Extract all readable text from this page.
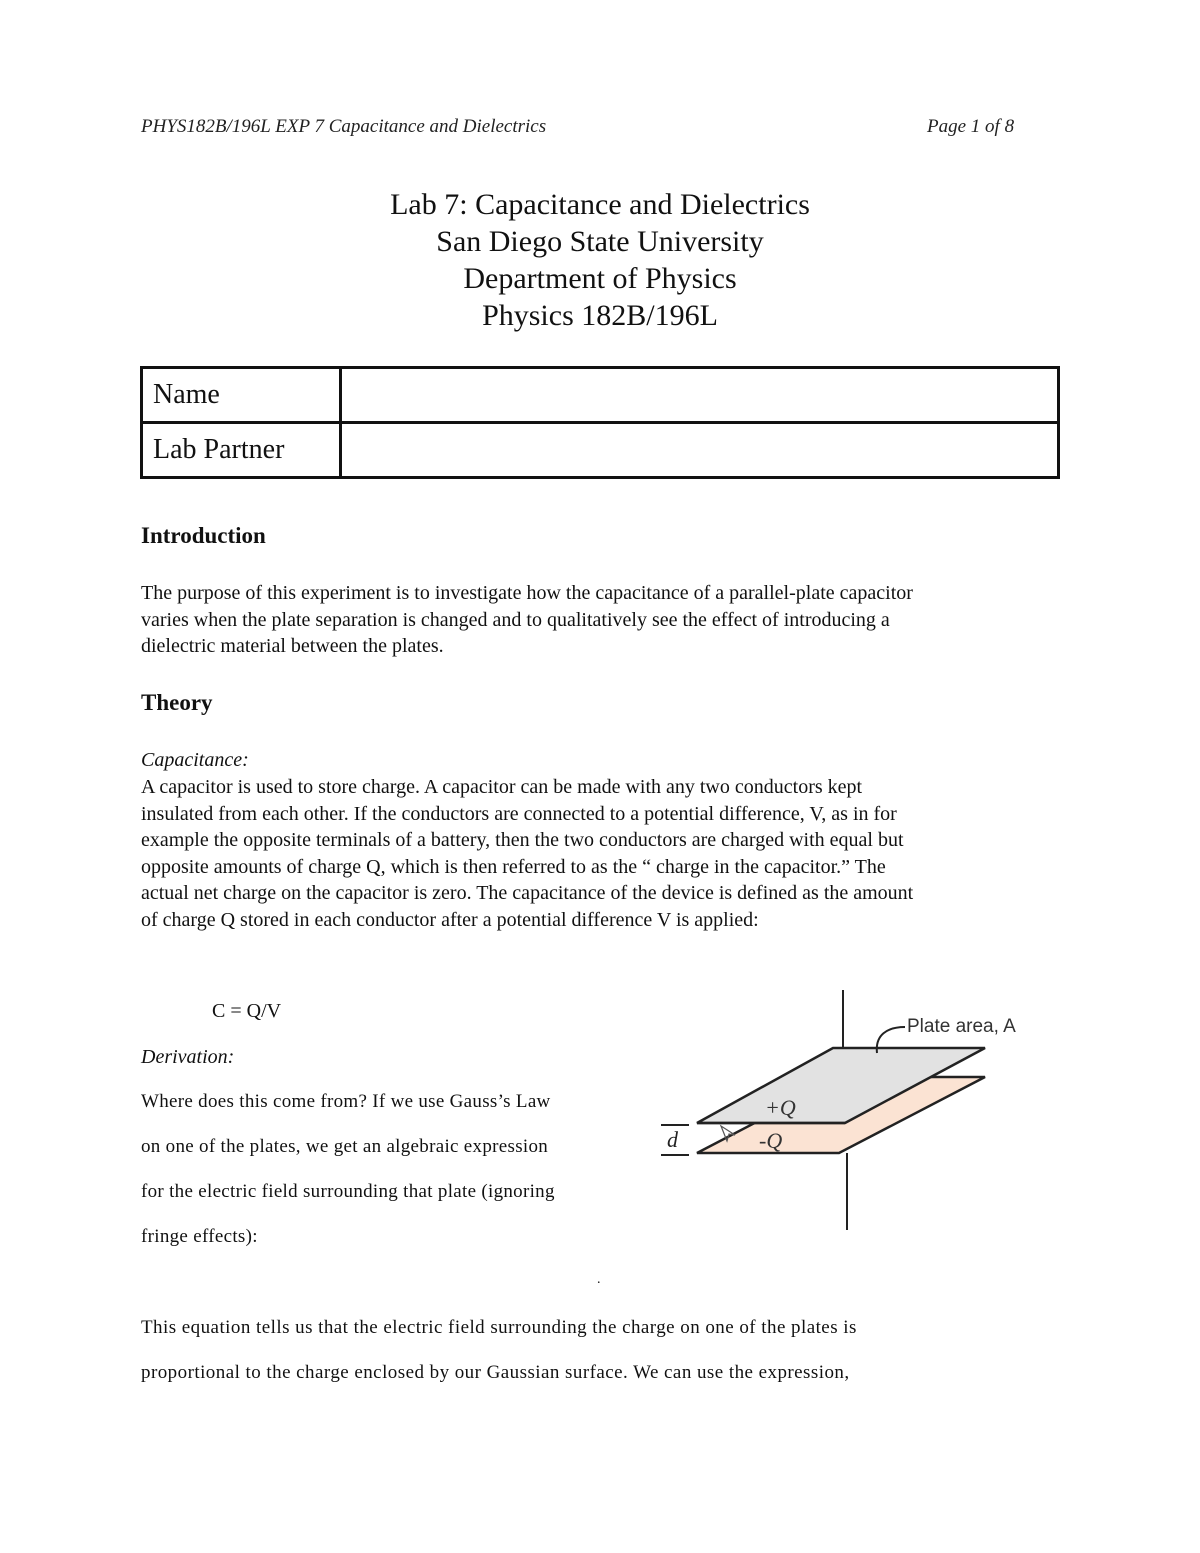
PHYS182B/196L EXP 7 Capacitance and Dielectrics	Page 1 of 8
Lab 7: Capacitance and Dielectrics
San Diego State University
Department of Physics
Physics 182B/196L
Name	
Lab Partner	
Introduction
The purpose of this experiment is to investigate how the capacitance of a parallel-plate capacitor
varies when the plate separation is changed and to qualitatively see the effect of introducing a
dielectric material between the plates.
Theory
Capacitance:
A capacitor is used to store charge. A capacitor can be made with any two conductors kept
insulated from each other. If the conductors are connected to a potential difference, V, as in for
example the opposite terminals of a battery, then the two conductors are charged with equal but
opposite amounts of charge Q, which is then referred to as the “ charge in the capacitor.” The
actual net charge on the capacitor is zero. The capacitance of the device is defined as the amount
of charge Q stored in each conductor after a potential difference V is applied:
C = Q/V
Derivation:
Where does this come from? If we use Gauss’s Law
on one of the plates, we get an algebraic expression
for the electric field surrounding that plate (ignoring
fringe effects):
.
This equation tells us that the electric field surrounding the charge on one of the plates is
proportional to the charge enclosed by our Gaussian surface. We can use the expression,
d
+Q
-Q
Plate area, A
